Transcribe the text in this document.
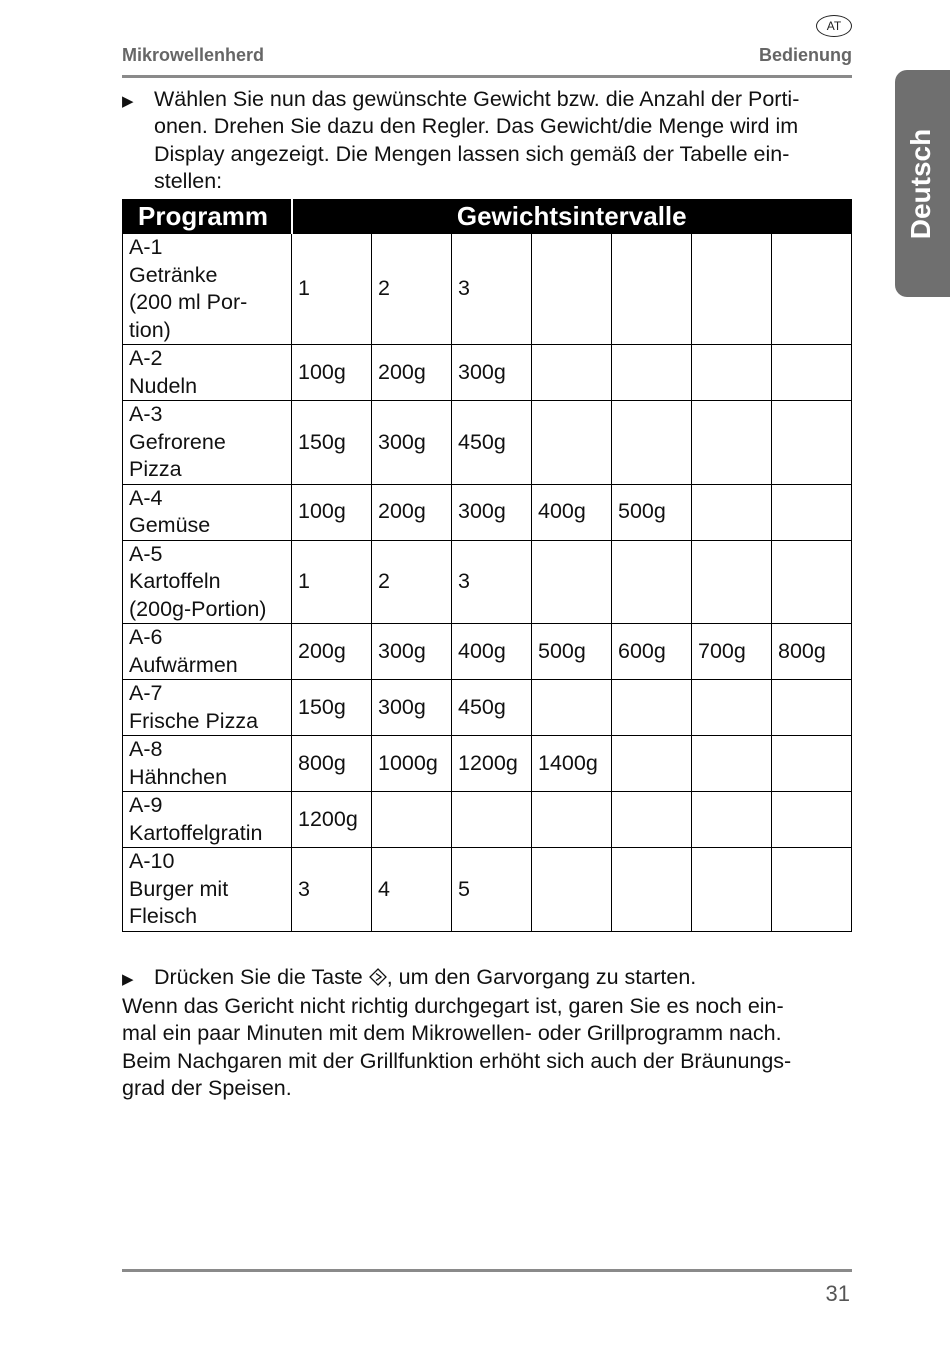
AT
Mikrowellenherd	Bedienung
Deutsch
▶ Wählen Sie nun das gewünschte Gewicht bzw. die Anzahl der Porti-
onen. Drehen Sie dazu den Regler. Das Gewicht/die Menge wird im
Display angezeigt. Die Mengen lassen sich gemäß der Tabelle ein-
stellen:

Programm	Gewichtsintervalle						
A-1
Getränke
(200 ml Por-
tion)	1	2	3				
A-2
Nudeln	100g	200g	300g				
A-3
Gefrorene
Pizza	150g	300g	450g				
A-4
Gemüse	100g	200g	300g	400g	500g		
A-5
Kartoffeln
(200g-Portion)	1	2	3				
A-6
Aufwärmen	200g	300g	400g	500g	600g	700g	800g
A-7
Frische Pizza	150g	300g	450g				
A-8
Hähnchen	800g	1000g	1200g	1400g			
A-9
Kartoffelgratin	1200g						
A-10
Burger mit
Fleisch	3	4	5				
▶ Drücken Sie die Taste , um den Garvorgang zu starten.

Wenn das Gericht nicht richtig durchgegart ist, garen Sie es noch ein-
mal ein paar Minuten mit dem Mikrowellen- oder Grillprogramm nach.
Beim Nachgaren mit der Grillfunktion erhöht sich auch der Bräunungs-
grad der Speisen.

31
